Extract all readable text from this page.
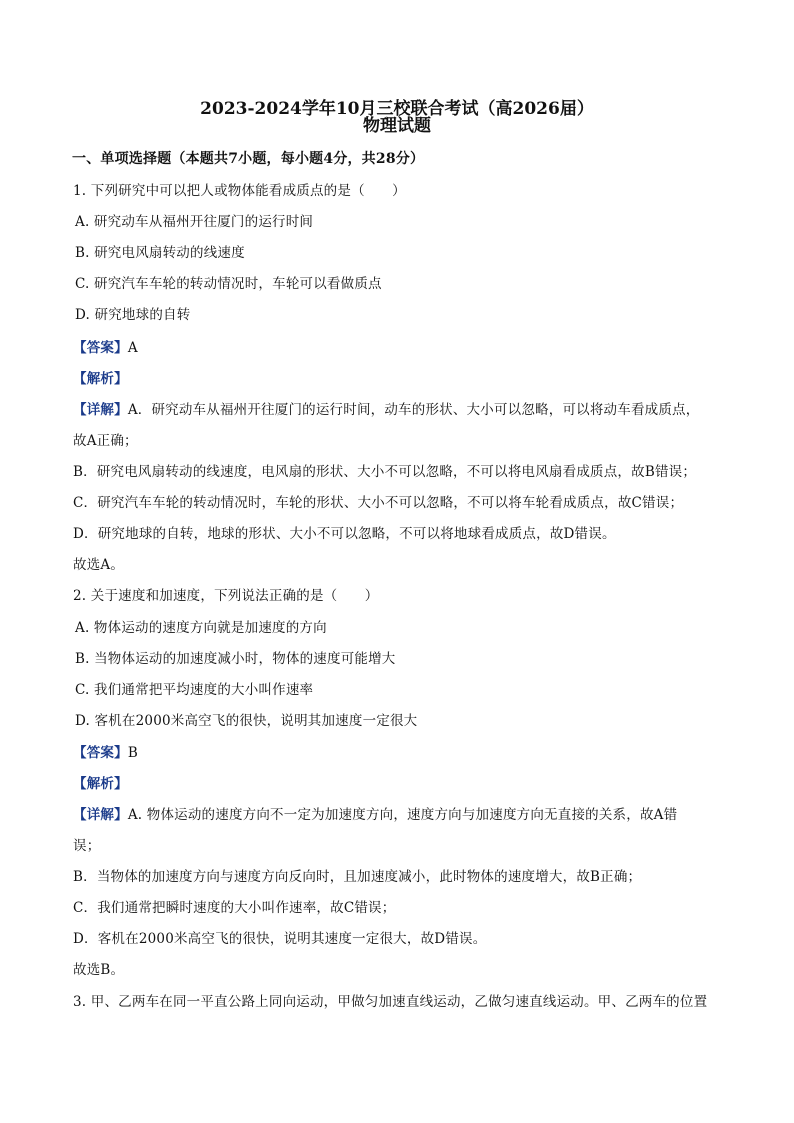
2023-2024学年10月三校联合考试（高2026届）
物理试题
一、单项选择题（本题共7小题，每小题4分，共28分）
1. 下列研究中可以把人或物体能看成质点的是（　　）
A. 研究动车从福州开往厦门的运行时间
B. 研究电风扇转动的线速度
C. 研究汽车车轮的转动情况时，车轮可以看做质点
D. 研究地球的自转
【答案】A
【解析】
【详解】A．研究动车从福州开往厦门的运行时间，动车的形状、大小可以忽略，可以将动车看成质点，
故A正确；
B．研究电风扇转动的线速度，电风扇的形状、大小不可以忽略，不可以将电风扇看成质点，故B错误；
C．研究汽车车轮的转动情况时，车轮的形状、大小不可以忽略，不可以将车轮看成质点，故C错误；
D．研究地球的自转，地球的形状、大小不可以忽略，不可以将地球看成质点，故D错误。
故选A。
2. 关于速度和加速度，下列说法正确的是（　　）
A. 物体运动的速度方向就是加速度的方向
B. 当物体运动的加速度减小时，物体的速度可能增大
C. 我们通常把平均速度的大小叫作速率
D. 客机在2000米高空飞的很快，说明其加速度一定很大
【答案】B
【解析】
【详解】A. 物体运动的速度方向不一定为加速度方向，速度方向与加速度方向无直接的关系，故A错
误；
B．当物体的加速度方向与速度方向反向时，且加速度减小，此时物体的速度增大，故B正确；
C．我们通常把瞬时速度的大小叫作速率，故C错误；
D．客机在2000米高空飞的很快，说明其速度一定很大，故D错误。
故选B。
3. 甲、乙两车在同一平直公路上同向运动，甲做匀加速直线运动，乙做匀速直线运动。甲、乙两车的位置
